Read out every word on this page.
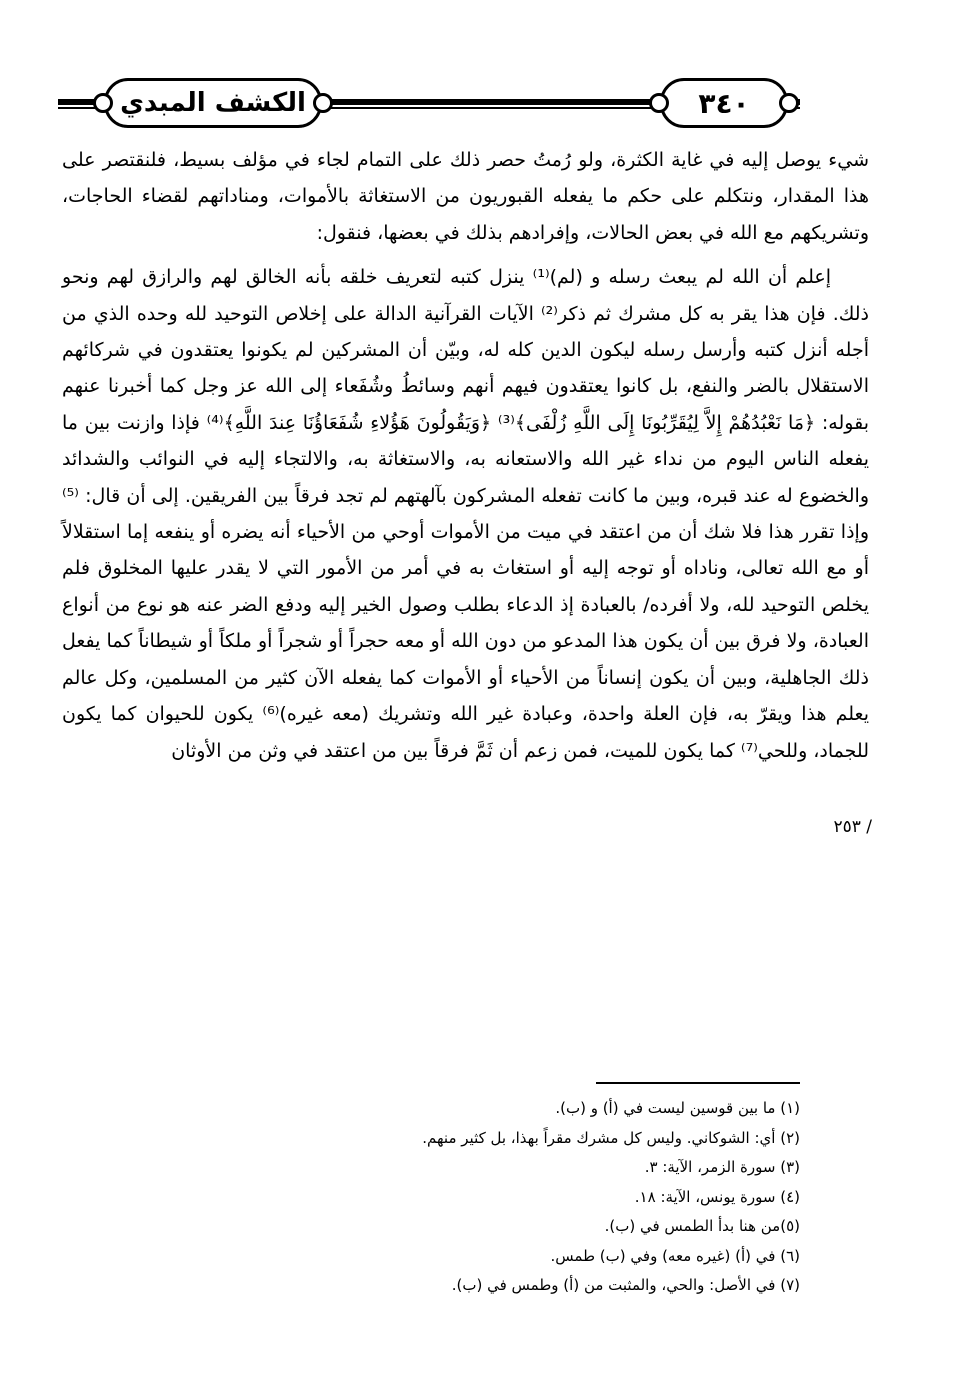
الكشف المبدي	٣٤٠

شيء يوصل إليه في غاية الكثرة، ولو رُمتُ حصر ذلك على التمام لجاء في مؤلف بسيط، فلنقتصر على هذا المقدار، ونتكلم على حكم ما يفعله القبوريون من الاستغاثة بالأموات، ومناداتهم لقضاء الحاجات، وتشريكهم مع الله في بعض الحالات، وإفرادهم بذلك في بعضها، فنقول:

إعلم أن الله لم يبعث رسله و (لم)⁽¹⁾ ينزل كتبه لتعريف خلقه بأنه الخالق لهم والرازق لهم ونحو ذلك. فإن هذا يقر به كل مشرك ثم ذكر⁽²⁾ الآيات القرآنية الدالة على إخلاص التوحيد لله وحده الذي من أجله أنزل كتبه وأرسل رسله ليكون الدين كله له، وبيّن أن المشركين لم يكونوا يعتقدون في شركائهم الاستقلال بالضر والنفع، بل كانوا يعتقدون فيهم أنهم وسائطُ وشُفَعاء إلى الله عز وجل كما أخبرنا عنهم بقوله: ﴿مَا نَعْبُدُهُمْ إِلاَّ لِيُقَرِّبُونَا إِلَى اللَّهِ زُلْفَى﴾⁽³⁾ ﴿وَيَقُولُونَ هَؤُلاءِ شُفَعَاؤُنَا عِندَ اللَّهِ﴾⁽⁴⁾ فإذا وازنت بين ما يفعله الناس اليوم من نداء غير الله والاستعانه به، والاستغاثة به، والالتجاء إليه في النوائب والشدائد والخضوع له عند قبره، وبين ما كانت تفعله المشركون بآلهتهم لم تجد فرقاً بين الفريقين. إلى أن قال: ⁽⁵⁾ وإذا تقرر هذا فلا شك أن من اعتقد في ميت من الأموات أوحي من الأحياء أنه يضره أو ينفعه إما استقلالاً أو مع الله تعالى، وناداه أو توجه إليه أو استغاث به في أمر من الأمور التي لا يقدر عليها المخلوق فلم يخلص التوحيد لله، ولا أفرده/ بالعبادة إذ الدعاء بطلب وصول الخير إليه ودفع الضر عنه هو نوع من أنواع العبادة، ولا فرق بين أن يكون هذا المدعو من دون الله أو معه حجراً أو شجراً أو ملكاً أو شيطاناً كما يفعل ذلك الجاهلية، وبين أن يكون إنساناً من الأحياء أو الأموات كما يفعله الآن كثير من المسلمين، وكل عالم يعلم هذا ويقرّ به، فإن العلة واحدة، وعبادة غير الله وتشريك (معه غيره)⁽⁶⁾ يكون للحيوان كما يكون للجماد، وللحي⁽⁷⁾ كما يكون للميت، فمن زعم أن ثَمَّ فرقاً بين من اعتقد في وثن من الأوثان

/ ٢٥٣
(١) ما بين قوسين ليست في (أ) و (ب).
(٢) أي: الشوكاني. وليس كل مشرك مقراً بهذا، بل كثير منهم.
(٣) سورة الزمر، الآية: ٣.
(٤) سورة يونس، الآية: ١٨.
(٥)من هنا بدأ الطمس في (ب).
(٦) في (أ) (غيره معه) وفي (ب) طمس.
(٧) في الأصل: والحي، والمثبت من (أ) وطمس في (ب).
